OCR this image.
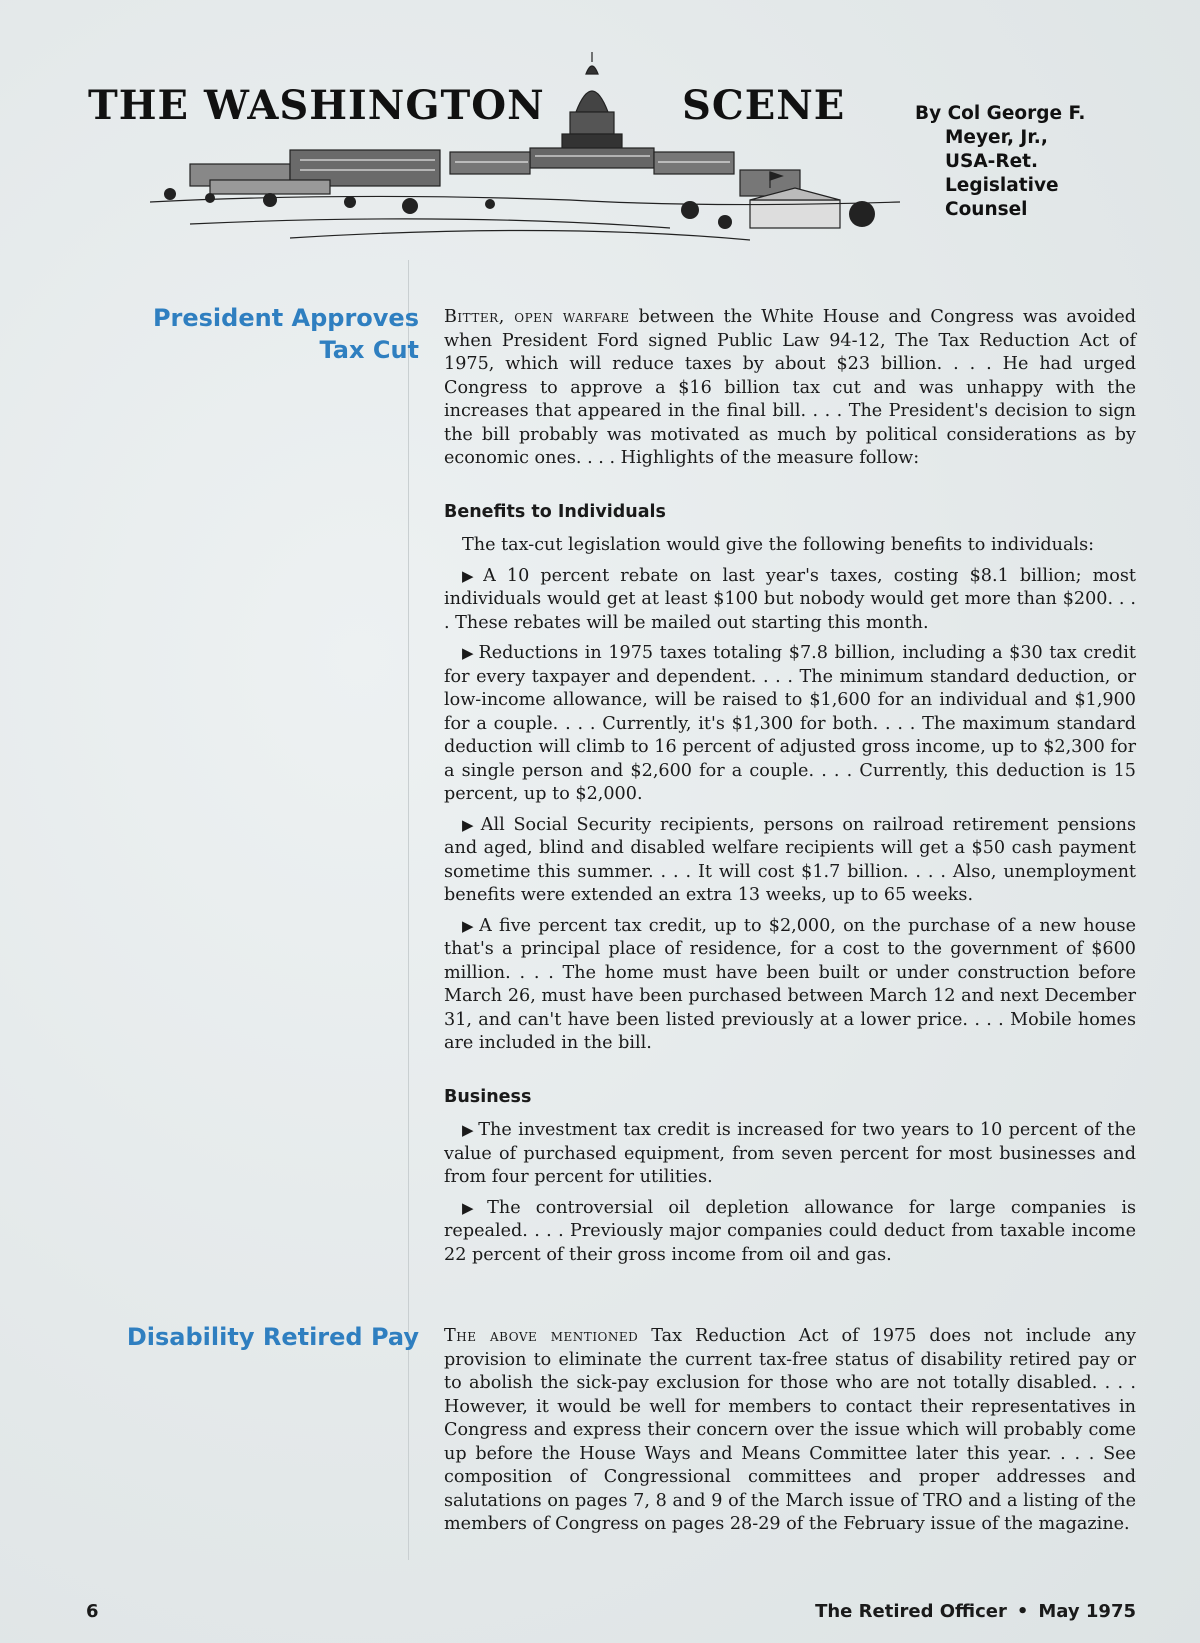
THE WASHINGTON	SCENE	By Col George F.
Meyer, Jr.,
USA-Ret.
Legislative
Counsel
President Approves
Tax Cut

Bitter, open warfare between the White House and Congress was avoided when President Ford signed Public Law 94-12, The Tax Reduction Act of 1975, which will reduce taxes by about $23 billion. . . . He had urged Congress to approve a $16 billion tax cut and was unhappy with the increases that appeared in the final bill. . . . The President's decision to sign the bill probably was motivated as much by political considerations as by economic ones. . . . Highlights of the measure follow:

Benefits to Individuals

The tax-cut legislation would give the following benefits to individuals:

▶ A 10 percent rebate on last year's taxes, costing $8.1 billion; most individuals would get at least $100 but nobody would get more than $200. . . . These rebates will be mailed out starting this month.

▶ Reductions in 1975 taxes totaling $7.8 billion, including a $30 tax credit for every taxpayer and dependent. . . . The minimum standard deduction, or low-income allowance, will be raised to $1,600 for an individual and $1,900 for a couple. . . . Currently, it's $1,300 for both. . . . The maximum standard deduction will climb to 16 percent of adjusted gross income, up to $2,300 for a single person and $2,600 for a couple. . . . Currently, this deduction is 15 percent, up to $2,000.

▶ All Social Security recipients, persons on railroad retirement pensions and aged, blind and disabled welfare recipients will get a $50 cash payment sometime this summer. . . . It will cost $1.7 billion. . . . Also, unemployment benefits were extended an extra 13 weeks, up to 65 weeks.

▶ A five percent tax credit, up to $2,000, on the purchase of a new house that's a principal place of residence, for a cost to the government of $600 million. . . . The home must have been built or under construction before March 26, must have been purchased between March 12 and next December 31, and can't have been listed previously at a lower price. . . . Mobile homes are included in the bill.

Business

▶ The investment tax credit is increased for two years to 10 percent of the value of purchased equipment, from seven percent for most businesses and from four percent for utilities.

▶ The controversial oil depletion allowance for large companies is repealed. . . . Previously major companies could deduct from taxable income 22 percent of their gross income from oil and gas.

Disability Retired Pay The above mentioned Tax Reduction Act of 1975 does not include any provision to eliminate the current tax-free status of disability retired pay or to abolish the sick-pay exclusion for those who are not totally disabled. . . . However, it would be well for members to contact their representatives in Congress and express their concern over the issue which will probably come up before the House Ways and Means Committee later this year. . . . See composition of Congressional committees and proper addresses and salutations on pages 7, 8 and 9 of the March issue of TRO and a listing of the members of Congress on pages 28-29 of the February issue of the magazine.

6	The Retired Officer • May 1975
